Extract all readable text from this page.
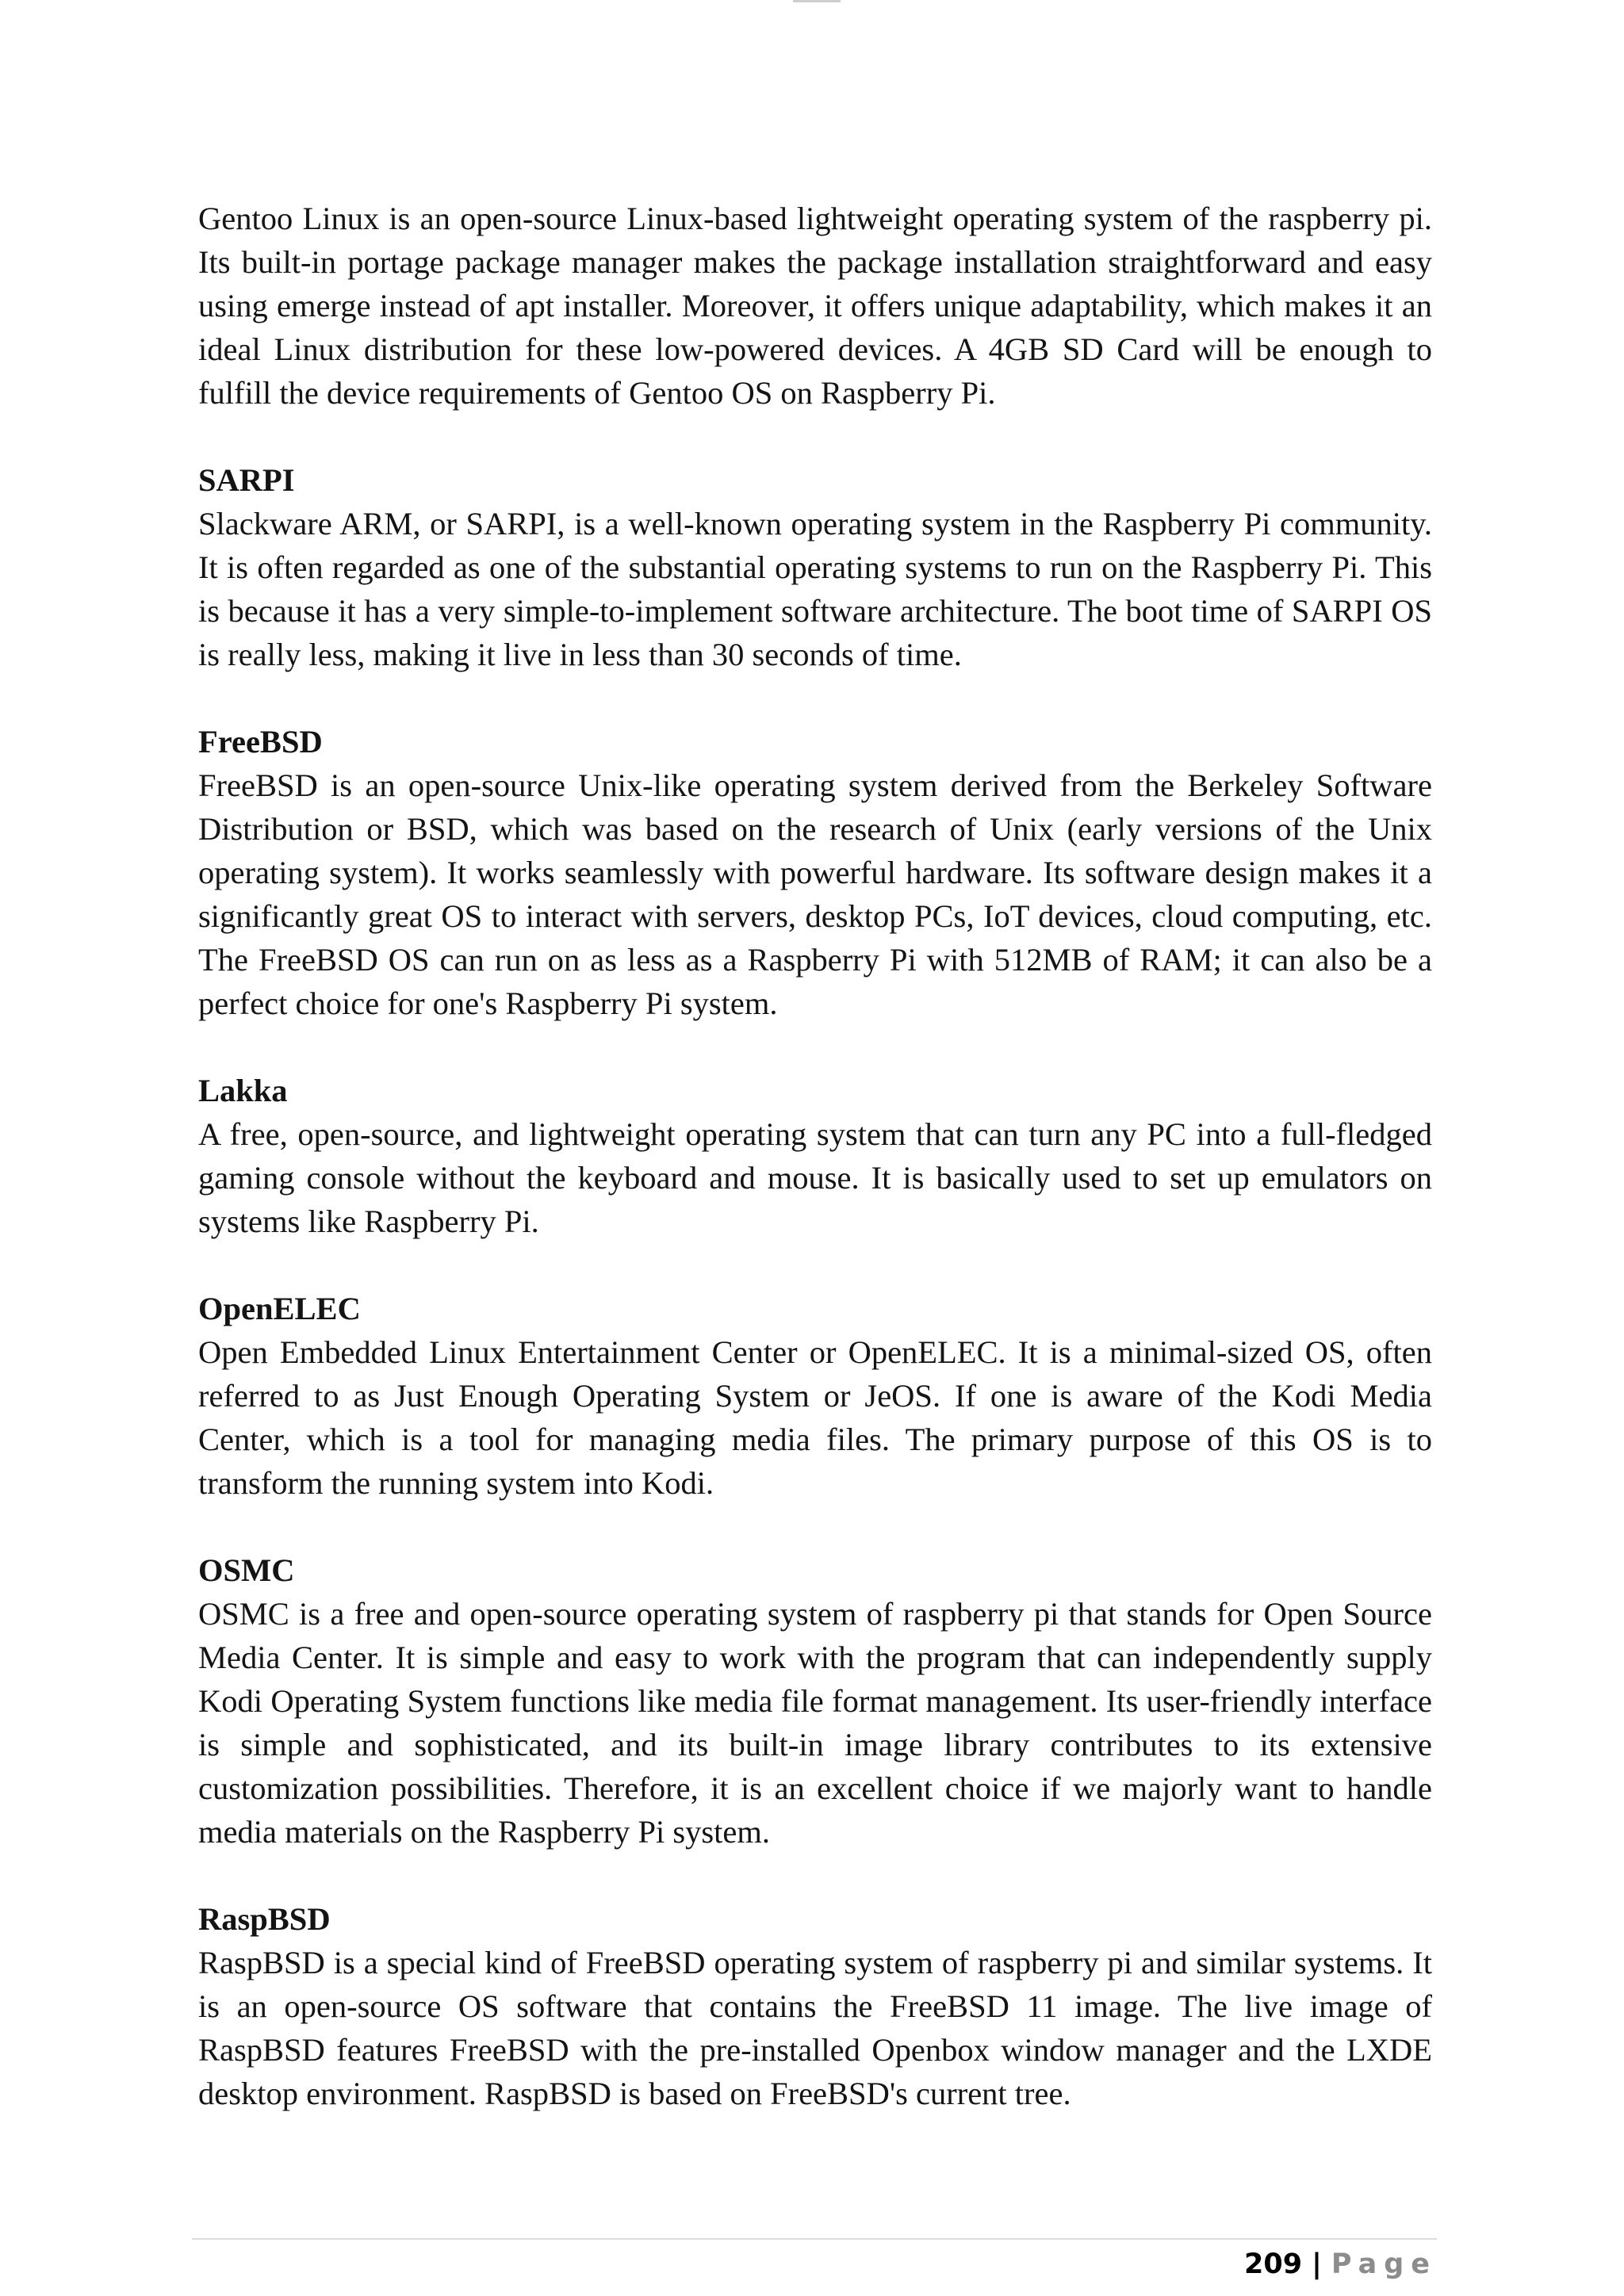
Gentoo Linux is an open-source Linux-based lightweight operating system of the raspberry pi. Its built-in portage package manager makes the package installation straightforward and easy using emerge instead of apt installer. Moreover, it offers unique adaptability, which makes it an ideal Linux distribution for these low-powered devices. A 4GB SD Card will be enough to fulfill the device requirements of Gentoo OS on Raspberry Pi.

SARPI

Slackware ARM, or SARPI, is a well-known operating system in the Raspberry Pi community. It is often regarded as one of the substantial operating systems to run on the Raspberry Pi. This is because it has a very simple-to-implement software architecture. The boot time of SARPI OS is really less, making it live in less than 30 seconds of time.

FreeBSD

FreeBSD is an open-source Unix-like operating system derived from the Berkeley Software Distribution or BSD, which was based on the research of Unix (early versions of the Unix operating system). It works seamlessly with powerful hardware. Its software design makes it a significantly great OS to interact with servers, desktop PCs, IoT devices, cloud computing, etc. The FreeBSD OS can run on as less as a Raspberry Pi with 512MB of RAM; it can also be a perfect choice for one's Raspberry Pi system.

Lakka

A free, open-source, and lightweight operating system that can turn any PC into a full-fledged gaming console without the keyboard and mouse. It is basically used to set up emulators on systems like Raspberry Pi.

OpenELEC

Open Embedded Linux Entertainment Center or OpenELEC. It is a minimal-sized OS, often referred to as Just Enough Operating System or JeOS. If one is aware of the Kodi Media Center, which is a tool for managing media files. The primary purpose of this OS is to transform the running system into Kodi.

OSMC

OSMC is a free and open-source operating system of raspberry pi that stands for Open Source Media Center. It is simple and easy to work with the program that can independently supply Kodi Operating System functions like media file format management. Its user-friendly interface is simple and sophisticated, and its built-in image library contributes to its extensive customization possibilities. Therefore, it is an excellent choice if we majorly want to handle media materials on the Raspberry Pi system.

RaspBSD

RaspBSD is a special kind of FreeBSD operating system of raspberry pi and similar systems. It is an open-source OS software that contains the FreeBSD 11 image. The live image of RaspBSD features FreeBSD with the pre-installed Openbox window manager and the LXDE desktop environment. RaspBSD is based on FreeBSD's current tree.

209 | Page
